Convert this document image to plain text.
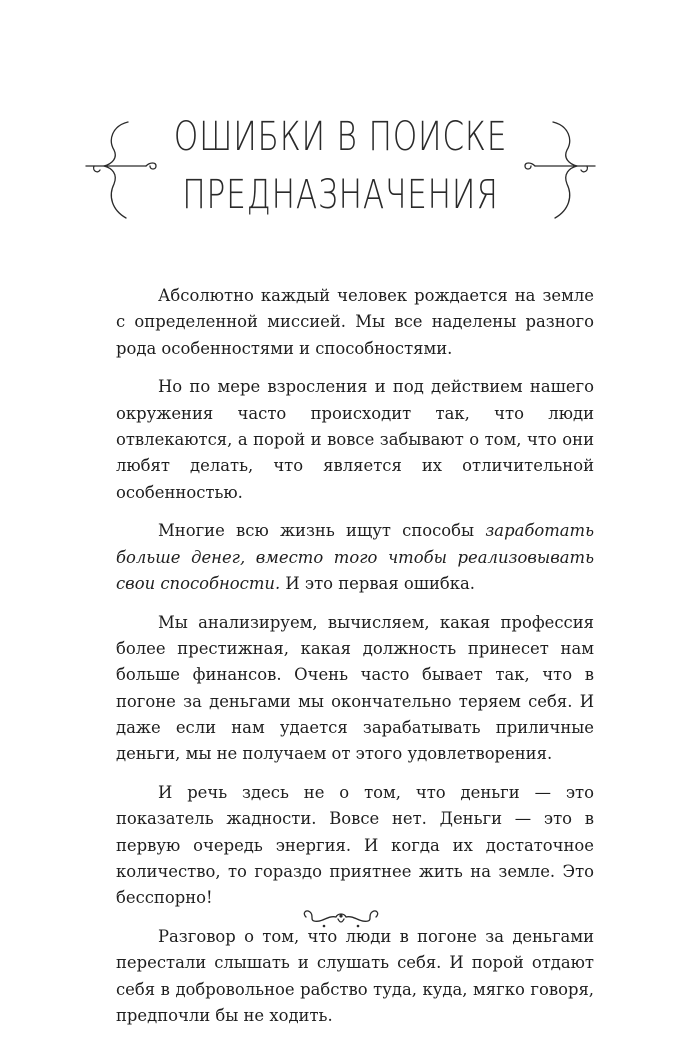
ОШИБКИ В ПОИСКЕ
ПРЕДНАЗНАЧЕНИЯ

Абсолютно каждый человек рождается на земле с определенной миссией. Мы все наделены разного рода особенностями и способностями.

Но по мере взросления и под действием нашего окружения часто происходит так, что люди отвлекаются, а порой и вовсе забывают о том, что они любят делать, что является их отличительной особенностью.

Многие всю жизнь ищут способы заработать больше денег, вместо того чтобы реализовывать свои способности. И это первая ошибка.

Мы анализируем, вычисляем, какая профессия более престижная, какая должность принесет нам больше финансов. Очень часто бывает так, что в погоне за деньгами мы окончательно теряем себя. И даже если нам удается зарабатывать приличные деньги, мы не получаем от этого удовлетворения.

И речь здесь не о том, что деньги — это показатель жадности. Вовсе нет. Деньги — это в первую очередь энергия. И когда их достаточное количество, то гораздо приятнее жить на земле. Это бесспорно!

Разговор о том, что люди в погоне за деньгами перестали слышать и слушать себя. И порой отдают себя в добровольное рабство туда, куда, мягко говоря, предпочли бы не ходить.
